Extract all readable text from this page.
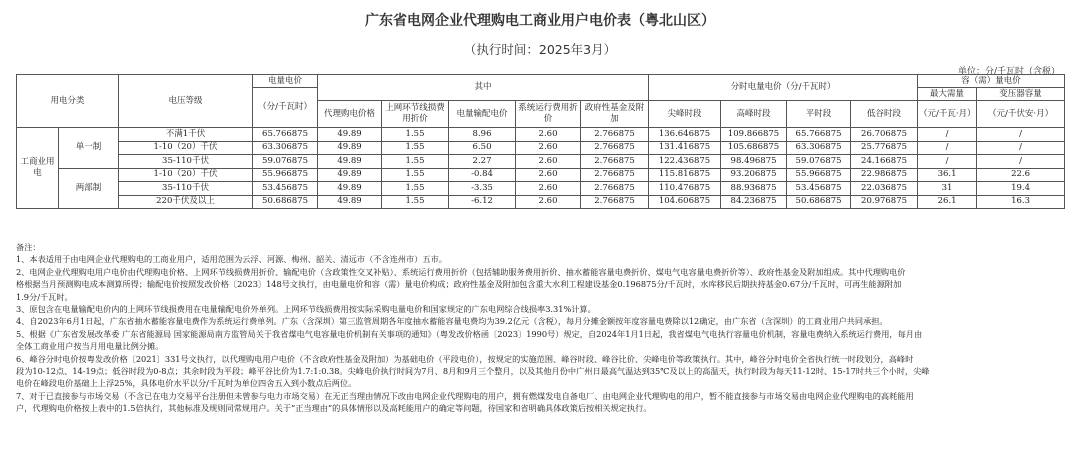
广东省电网企业代理购电工商业用户电价表（粤北山区）
（执行时间：2025年3月）
单位：分/千瓦时（含税）
用电分类		电压等级	电量电价	其中					分时电量电价（分/千瓦时）				容（需）量电价	
			（分/千瓦时）										最大需量	变压器容量
				代理购电价格	上网环节线损费用折价	电量输配电价	系统运行费用折价	政府性基金及附加	尖峰时段	高峰时段	平时段	低谷时段	（元/千瓦·月）	（元/千伏安·月）
工商业用电	单一制	不满1千伏	65.766875	49.89	1.55	8.96	2.60	2.766875	136.646875	109.866875	65.766875	26.706875	/	/
		1-10（20）千伏	63.306875	49.89	1.55	6.50	2.60	2.766875	131.416875	105.686875	63.306875	25.776875	/	/
		35-110千伏	59.076875	49.89	1.55	2.27	2.60	2.766875	122.436875	98.496875	59.076875	24.166875	/	/
	两部制	1-10（20）千伏	55.966875	49.89	1.55	-0.84	2.60	2.766875	115.816875	93.206875	55.966875	22.986875	36.1	22.6
		35-110千伏	53.456875	49.89	1.55	-3.35	2.60	2.766875	110.476875	88.936875	53.456875	22.036875	31	19.4
		220千伏及以上	50.686875	49.89	1.55	-6.12	2.60	2.766875	104.606875	84.236875	50.686875	20.976875	26.1	16.3
备注：
1、本表适用于由电网企业代理购电的工商业用户，适用范围为云浮、河源、梅州、韶关、清远市（不含连州市）五市。
2、电网企业代理购电用户电价由代理购电价格、上网环节线损费用折价、输配电价（含政策性交叉补贴）、系统运行费用折价（包括辅助服务费用折价、抽水蓄能容量电费折价、煤电气电容量电费折价等）、政府性基金及附加组成。其中代理购电价
格根据当月预测购电成本测算所得；输配电价按照发改价格〔2023〕148号文执行，由电量电价和容（需）量电价构成；政府性基金及附加包含重大水利工程建设基金0.196875分/千瓦时，水库移民后期扶持基金0.67分/千瓦时，可再生能源附加
1.9分/千瓦时。
3、原包含在电量输配电价内的上网环节线损费用在电量输配电价外单列。上网环节线损费用按实际采购电量电价和国家规定的广东电网综合线损率3.31%计算。
4、自2023年6月1日起，广东省抽水蓄能容量电费作为系统运行费单列。广东（含深圳）第三监管周期各年度抽水蓄能容量电费均为39.2亿元（含税），每月分摊金额按年度容量电费除以12确定，由广东省（含深圳）的工商业用户共同承担。
5、根据《广东省发展改革委 广东省能源局 国家能源局南方监管局关于我省煤电气电容量电价机制有关事项的通知》（粤发改价格函〔2023〕1990号）规定，自2024年1月1日起，我省煤电气电执行容量电价机制，容量电费纳入系统运行费用，每月由
全体工商业用户按当月用电量比例分摊。
6、峰谷分时电价按粤发改价格〔2021〕331号文执行，以代理购电用户电价（不含政府性基金及附加）为基础电价（平段电价），按规定的实施范围、峰谷时段、峰谷比价、尖峰电价等政策执行。其中，峰谷分时电价全省执行统一时段划分，高峰时
段为10-12点、14-19点；低谷时段为0-8点；其余时段为平段；峰平谷比价为1.7:1:0.38。尖峰电价执行时间为7月、8月和9月三个整月，以及其他月份中广州日最高气温达到35℃及以上的高温天，执行时段为每天11-12时、15-17时共三个小时，尖峰
电价在峰段电价基础上上浮25%，具体电价水平以分/千瓦时为单位四舍五入到小数点后两位。
7、对于已直接参与市场交易（不含已在电力交易平台注册但未曾参与电力市场交易）在无正当理由情况下改由电网企业代理购电的用户，拥有燃煤发电自备电厂、由电网企业代理购电的用户，暂不能直接参与市场交易由电网企业代理购电的高耗能用
户，代理购电价格按上表中的1.5倍执行，其他标准及规则同常规用户。关于“正当理由”的具体情形以及高耗能用户的确定等问题，待国家和省明确具体政策后按相关规定执行。
